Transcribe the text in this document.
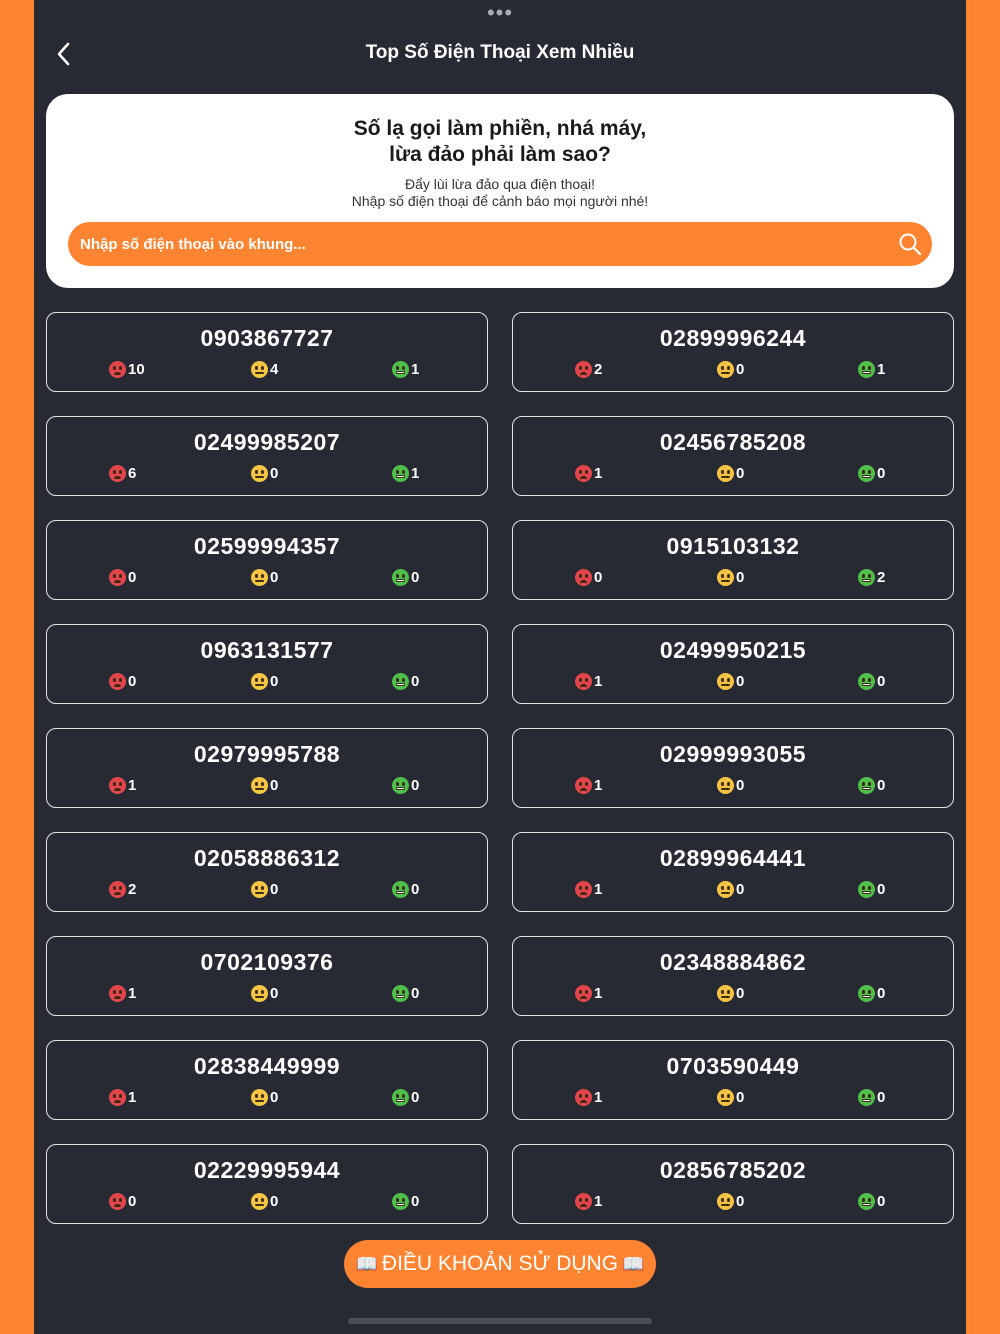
•••
Top Số Điện Thoại Xem Nhiều
Số lạ gọi làm phiền, nhá máy,
lừa đảo phải làm sao?
Đẩy lùi lừa đảo qua điện thoại!
Nhập số điện thoại để cảnh báo mọi người nhé!
Nhập số điện thoại vào khung...
0903867727
10	4	1
02899996244
2	0	1
02499985207
6	0	1
02456785208
1	0	0
02599994357
0	0	0
0915103132
0	0	2
0963131577
0	0	0
02499950215
1	0	0
02979995788
1	0	0
02999993055
1	0	0
02058886312
2	0	0
02899964441
1	0	0
0702109376
1	0	0
02348884862
1	0	0
02838449999
1	0	0
0703590449
1	0	0
02229995944
0	0	0
02856785202
1	0	0
📖 ĐIỀU KHOẢN SỬ DỤNG 📖
